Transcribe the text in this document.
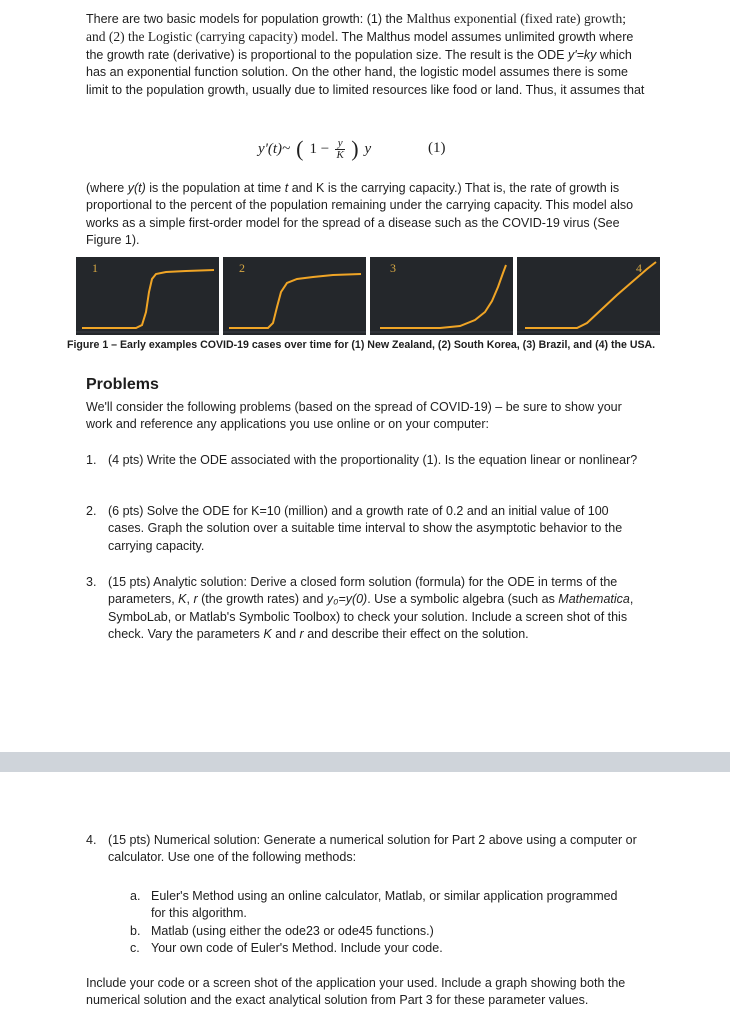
There are two basic models for population growth: (1) the Malthus exponential (fixed rate) growth; and (2) the Logistic (carrying capacity) model. The Malthus model assumes unlimited growth where the growth rate (derivative) is proportional to the population size. The result is the ODE y'=ky which has an exponential function solution. On the other hand, the logistic model assumes there is some limit to the population growth, usually due to limited resources like food or land. Thus, it assumes that

y'(t)~ ( $1 - \frac{y}{K}$ ) y	(1)

(where y(t) is the population at time t and K is the carrying capacity.) That is, the rate of growth is proportional to the percent of the population remaining under the carrying capacity. This model also works as a simple first-order model for the spread of a disease such as the COVID-19 virus (See Figure 1).

1	2	3	4
Figure 1 – Early examples COVID-19 cases over time for (1) New Zealand, (2) South Korea, (3) Brazil, and (4) the USA.
Problems

We'll consider the following problems (based on the spread of COVID-19) – be sure to show your work and reference any applications you use online or on your computer:

1. (4 pts) Write the ODE associated with the proportionality (1). Is the equation linear or nonlinear?
2. (6 pts) Solve the ODE for K=10 (million) and a growth rate of 0.2 and an initial value of 100 cases. Graph the solution over a suitable time interval to show the asymptotic behavior to the carrying capacity.
3. (15 pts) Analytic solution: Derive a closed form solution (formula) for the ODE in terms of the parameters, K, r (the growth rates) and y₀=y(0). Use a symbolic algebra (such as Mathematica, SymboLab, or Matlab's Symbolic Toolbox) to check your solution. Include a screen shot of this check. Vary the parameters K and r and describe their effect on the solution.
4. (15 pts) Numerical solution: Generate a numerical solution for Part 2 above using a computer or calculator. Use one of the following methods:
a. Euler's Method using an online calculator, Matlab, or similar application programmed for this algorithm.
b. Matlab (using either the ode23 or ode45 functions.)
c. Your own code of Euler's Method. Include your code.

Include your code or a screen shot of the application your used. Include a graph showing both the numerical solution and the exact analytical solution from Part 3 for these parameter values.
